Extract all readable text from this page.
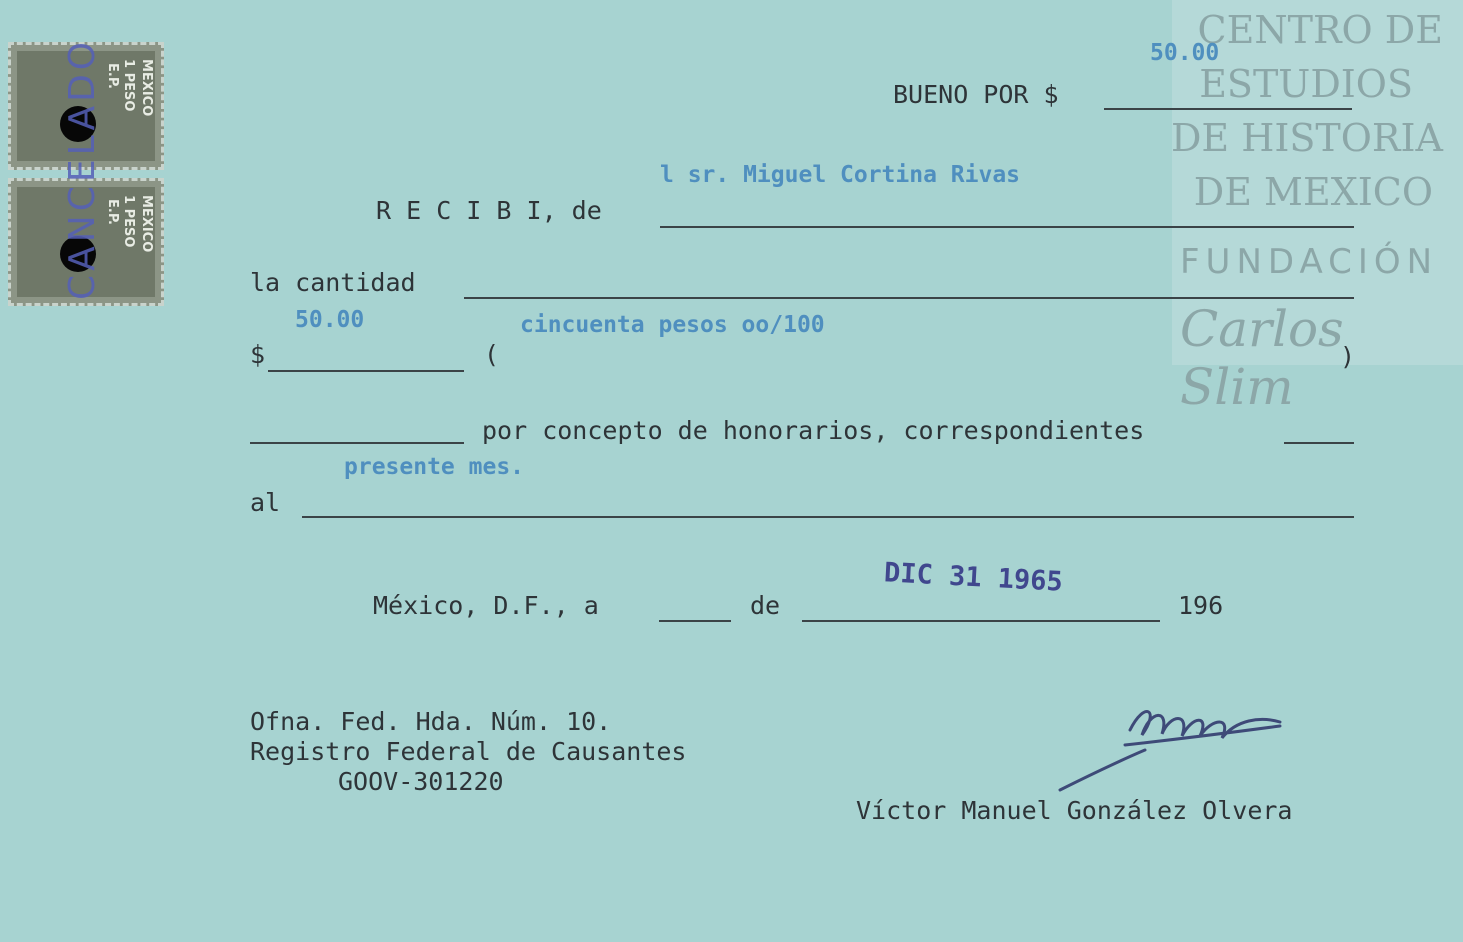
MEXICO
1 PESO
E.P.
MEXICO
1 PESO
E.P.
CANCELADO
CENTRO DE
ESTUDIOS
DE HISTORIA
DE MEXICO
FUNDACIÓN
Carlos Slim
50.00
BUENO POR $
l sr. Miguel Cortina Rivas
R E C I B I, de
la cantidad
50.00	cincuenta pesos oo/100
$	(	)
por concepto de honorarios, correspondientes
presente mes.
al
DIC 31 1965
México, D.F., a	de	196
Ofna. Fed. Hda. Núm. 10.
Registro Federal de Causantes
GOOV-301220
Víctor Manuel González Olvera
